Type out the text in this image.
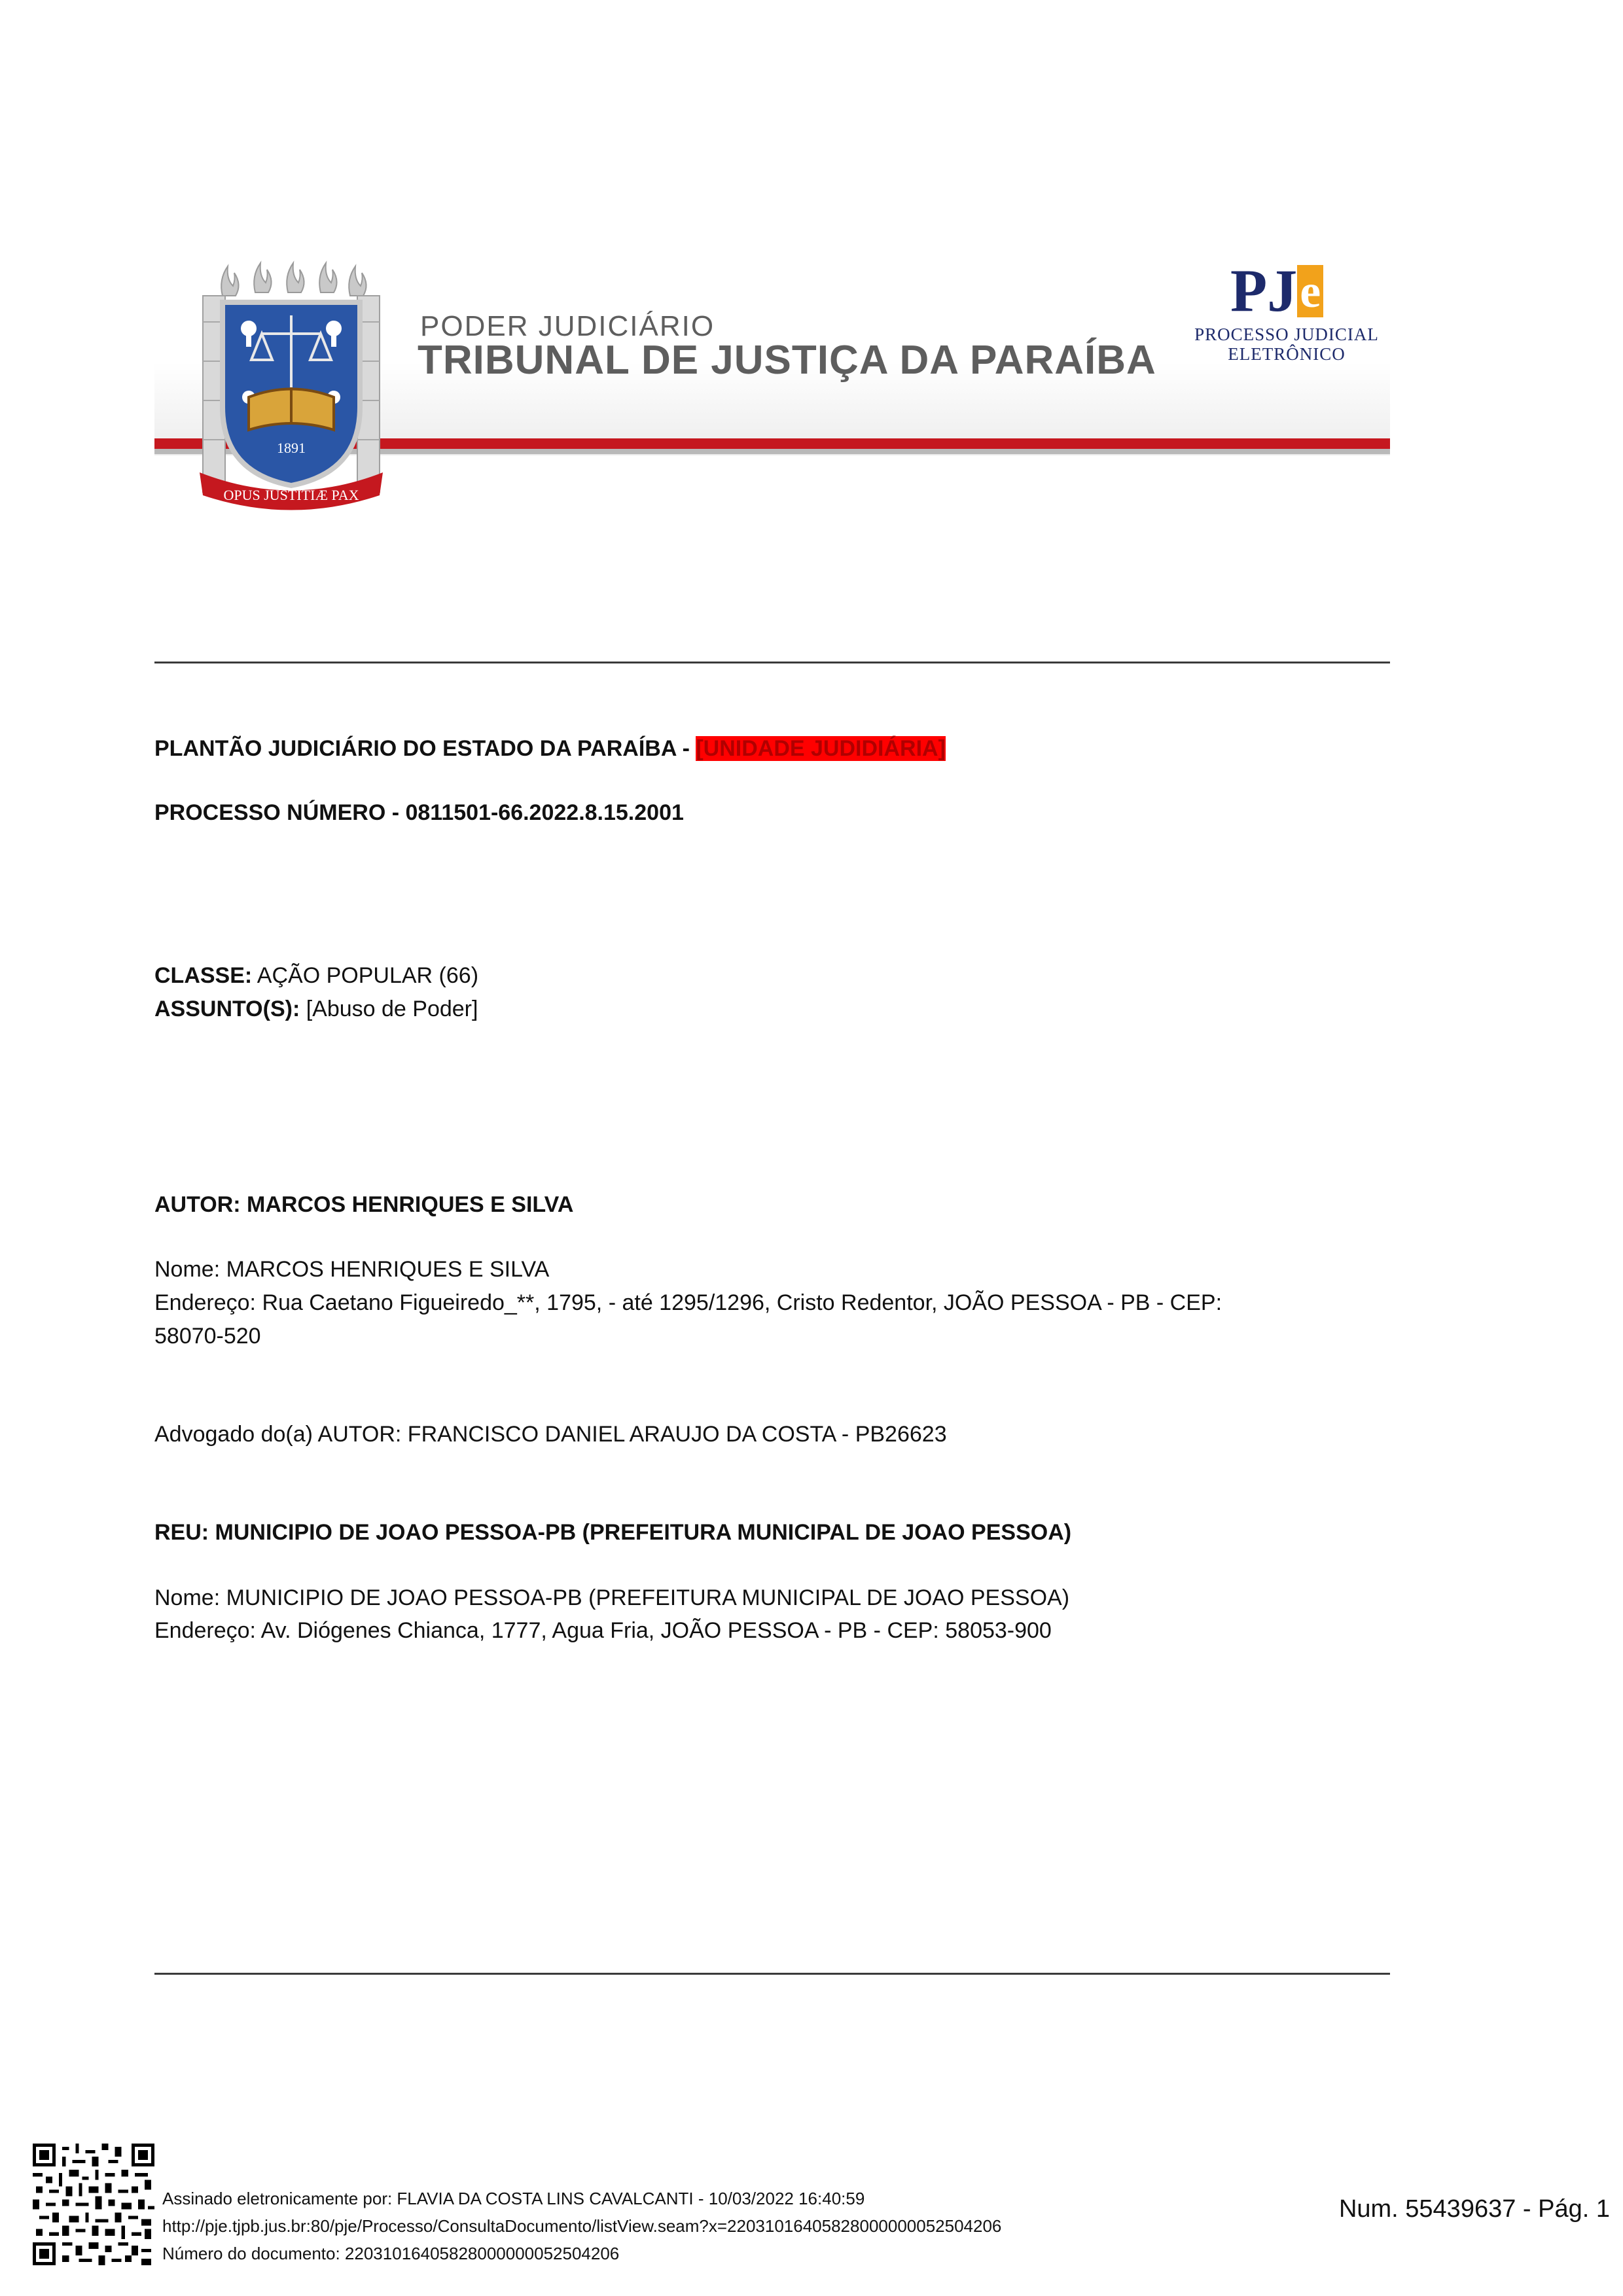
1891
OPUS JUSTITIÆ PAX
PODER JUDICIÁRIO
TRIBUNAL DE JUSTIÇA DA PARAÍBA
PJe
PROCESSO JUDICIAL
ELETRÔNICO
PLANTÃO JUDICIÁRIO DO ESTADO DA PARAÍBA - [UNIDADE JUDIDIÁRIA]
PROCESSO NÚMERO - 0811501-66.2022.8.15.2001
CLASSE: AÇÃO POPULAR (66)
ASSUNTO(S): [Abuso de Poder]
AUTOR: MARCOS HENRIQUES E SILVA
Nome: MARCOS HENRIQUES E SILVA
Endereço: Rua Caetano Figueiredo_**, 1795, - até 1295/1296, Cristo Redentor, JOÃO PESSOA - PB - CEP:
58070-520
Advogado do(a) AUTOR: FRANCISCO DANIEL ARAUJO DA COSTA - PB26623
REU: MUNICIPIO DE JOAO PESSOA-PB (PREFEITURA MUNICIPAL DE JOAO PESSOA)
Nome: MUNICIPIO DE JOAO PESSOA-PB (PREFEITURA MUNICIPAL DE JOAO PESSOA)
Endereço: Av. Diógenes Chianca, 1777, Agua Fria, JOÃO PESSOA - PB - CEP: 58053-900
Assinado eletronicamente por: FLAVIA DA COSTA LINS CAVALCANTI - 10/03/2022 16:40:59
http://pje.tjpb.jus.br:80/pje/Processo/ConsultaDocumento/listView.seam?x=22031016405828000000052504206
Número do documento: 22031016405828000000052504206
Num. 55439637 - Pág. 1
